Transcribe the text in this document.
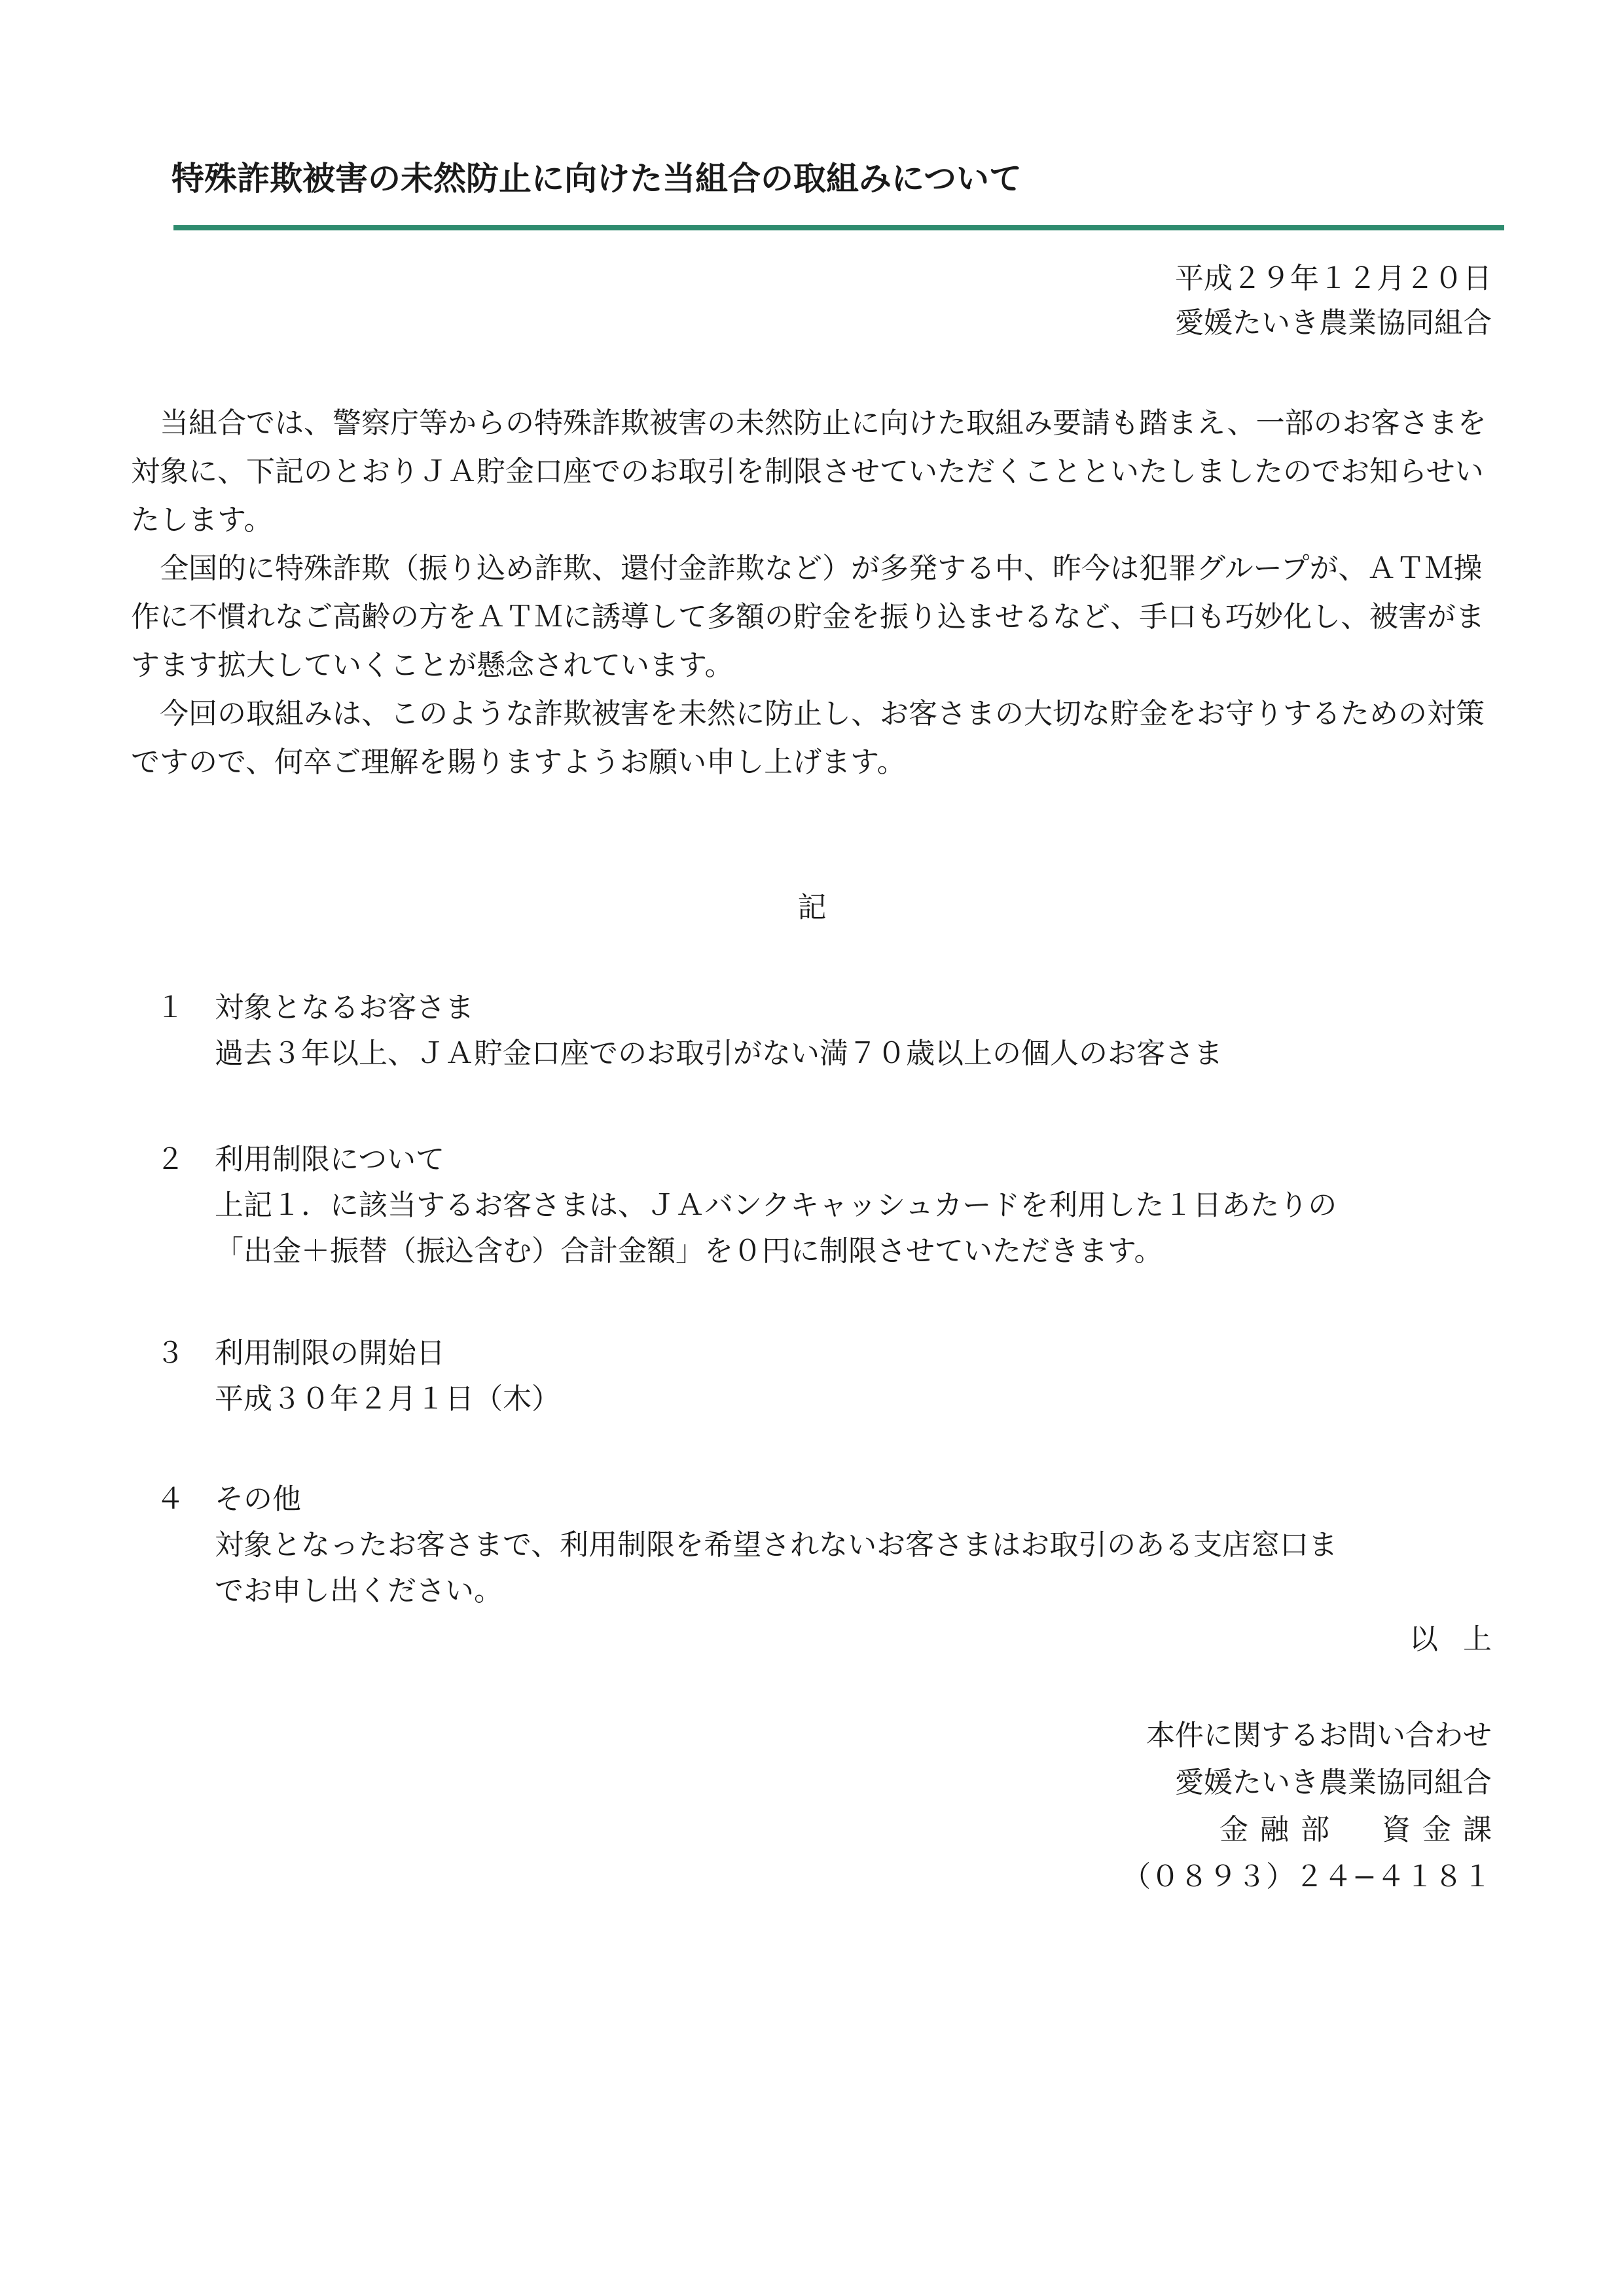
特殊詐欺被害の未然防止に向けた当組合の取組みについて
平成２９年１２月２０日
愛媛たいき農業協同組合

当組合では、警察庁等からの特殊詐欺被害の未然防止に向けた取組み要請も踏まえ、一部のお客さまを対象に、下記のとおりＪＡ貯金口座でのお取引を制限させていただくことといたしましたのでお知らせいたします。

全国的に特殊詐欺（振り込め詐欺、還付金詐欺など）が多発する中、昨今は犯罪グループが、ＡＴＭ操作に不慣れなご高齢の方をＡＴＭに誘導して多額の貯金を振り込ませるなど、手口も巧妙化し、被害がますます拡大していくことが懸念されています。

今回の取組みは、このような詐欺被害を未然に防止し、お客さまの大切な貯金をお守りするための対策ですので、何卒ご理解を賜りますようお願い申し上げます。

記
１	対象となるお客さま
過去３年以上、ＪＡ貯金口座でのお取引がない満７０歳以上の個人のお客さま
２	利用制限について
上記１．に該当するお客さまは、ＪＡバンクキャッシュカードを利用した１日あたりの
「出金＋振替（振込含む）合計金額」を０円に制限させていただきます。
３	利用制限の開始日
平成３０年２月１日（木）
４	その他
対象となったお客さまで、利用制限を希望されないお客さまはお取引のある支店窓口ま
でお申し出ください。
以上
本件に関するお問い合わせ
愛媛たいき農業協同組合
金融部　資金課
（０８９３）２４−４１８１
